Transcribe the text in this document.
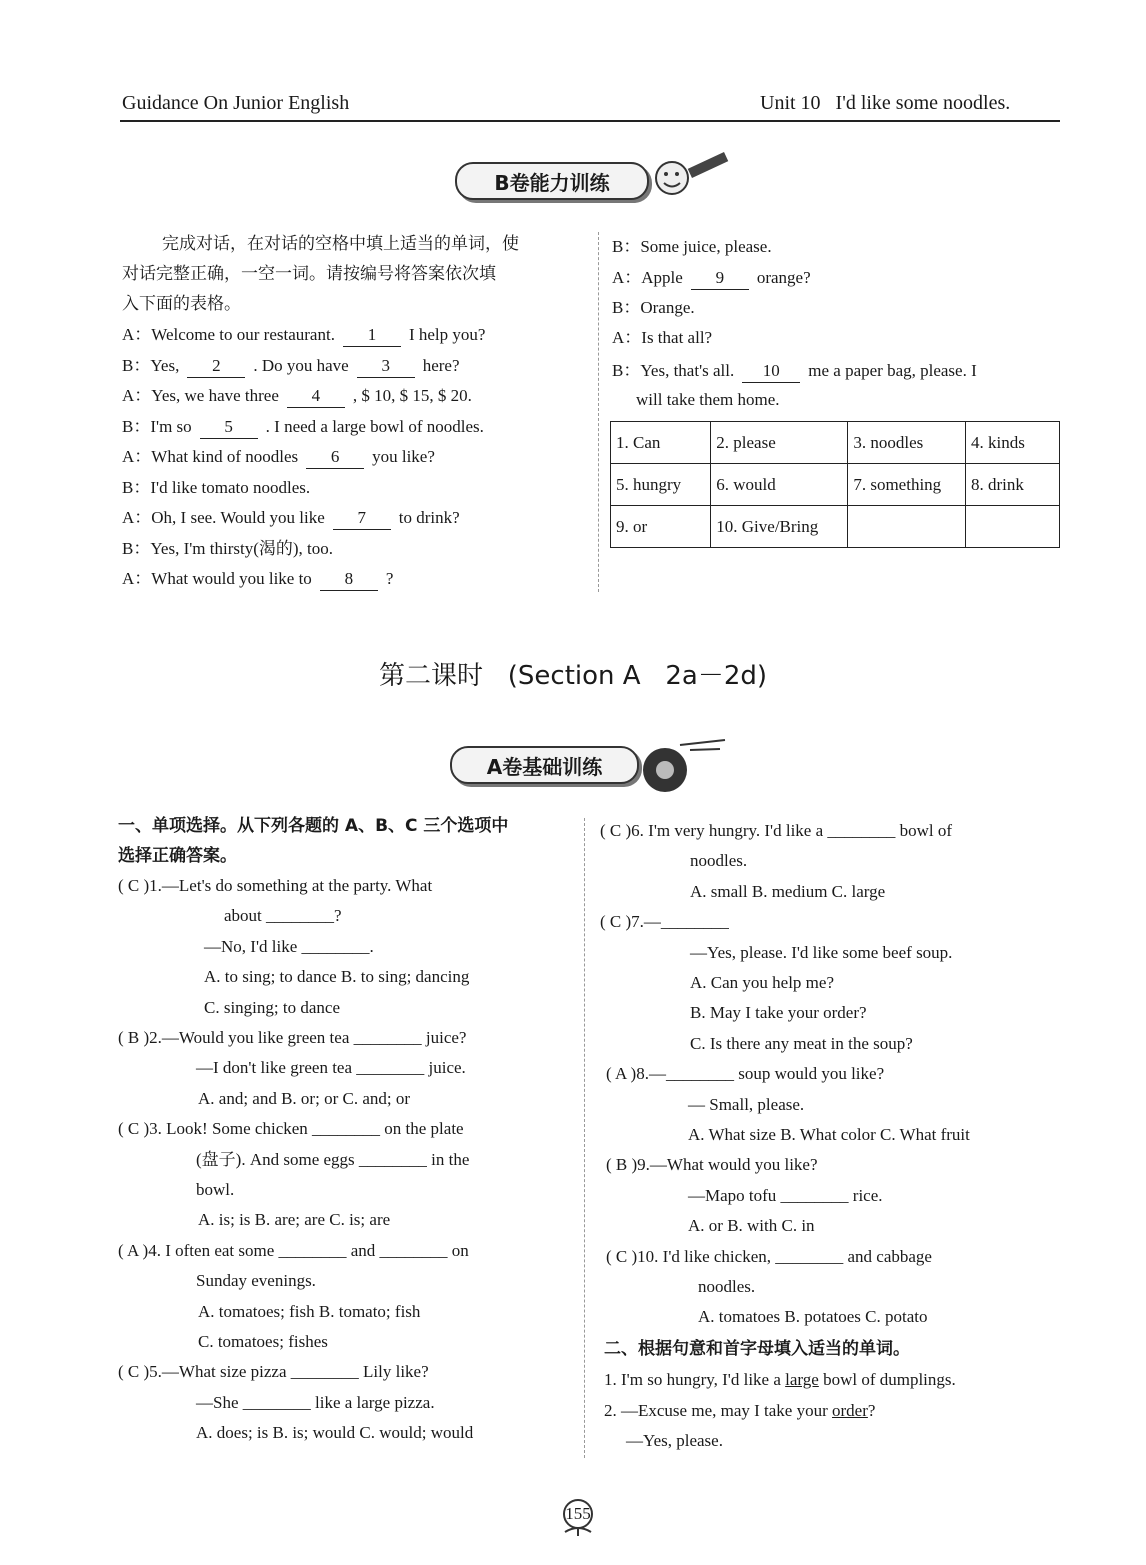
Guidance On Junior English	Unit 10   I'd like some noodles.
B卷能力训练
完成对话，在对话的空格中填上适当的单词，使
对话完整正确，一空一词。请按编号将答案依次填
入下面的表格。
A：Welcome to our restaurant. 1 I help you?
B：Yes, 2 . Do you have 3 here?
A：Yes, we have three 4 , $ 10, $ 15, $ 20.
B：I'm so 5 . I need a large bowl of noodles.
A：What kind of noodles 6 you like?
B：I'd like tomato noodles.
A：Oh, I see. Would you like 7 to drink?
B：Yes, I'm thirsty(渴的), too.
A：What would you like to 8 ?
B：Some juice, please.
A：Apple 9 orange?
B：Orange.
A：Is that all?
B：Yes, that's all. 10 me a paper bag, please. I
will take them home.
1. Can	2. please	3. noodles	4. kinds
5. hungry	6. would	7. something	8. drink
9. or	10. Give/Bring		
第二课时   (Section A   2a－2d)
A卷基础训练
一、单项选择。从下列各题的 A、B、C 三个选项中
选择正确答案。
( C )1.—Let's do something at the party. What
about ________?
—No, I'd like ________.
A. to sing; to dance B. to sing; dancing
C. singing; to dance
( B )2.—Would you like green tea ________ juice?
—I don't like green tea ________ juice.
A. and; and B. or; or C. and; or
( C )3. Look! Some chicken ________ on the plate
(盘子). And some eggs ________ in the
bowl.
A. is; is B. are; are C. is; are
( A )4. I often eat some ________ and ________ on
Sunday evenings.
A. tomatoes; fish B. tomato; fish
C. tomatoes; fishes
( C )5.—What size pizza ________ Lily like?
—She ________ like a large pizza.
A. does; is B. is; would C. would; would
( C )6. I'm very hungry. I'd like a ________ bowl of
noodles.
A. small B. medium C. large
( C )7.—________
—Yes, please. I'd like some beef soup.
A. Can you help me?
B. May I take your order?
C. Is there any meat in the soup?
( A )8.—________ soup would you like?
— Small, please.
A. What size B. What color C. What fruit
( B )9.—What would you like?
—Mapo tofu ________ rice.
A. or B. with C. in
( C )10. I'd like chicken, ________ and cabbage
noodles.
A. tomatoes B. potatoes C. potato
二、根据句意和首字母填入适当的单词。
1. I'm so hungry, I'd like a large bowl of dumplings.
2. —Excuse me, may I take your order?
—Yes, please.
155
